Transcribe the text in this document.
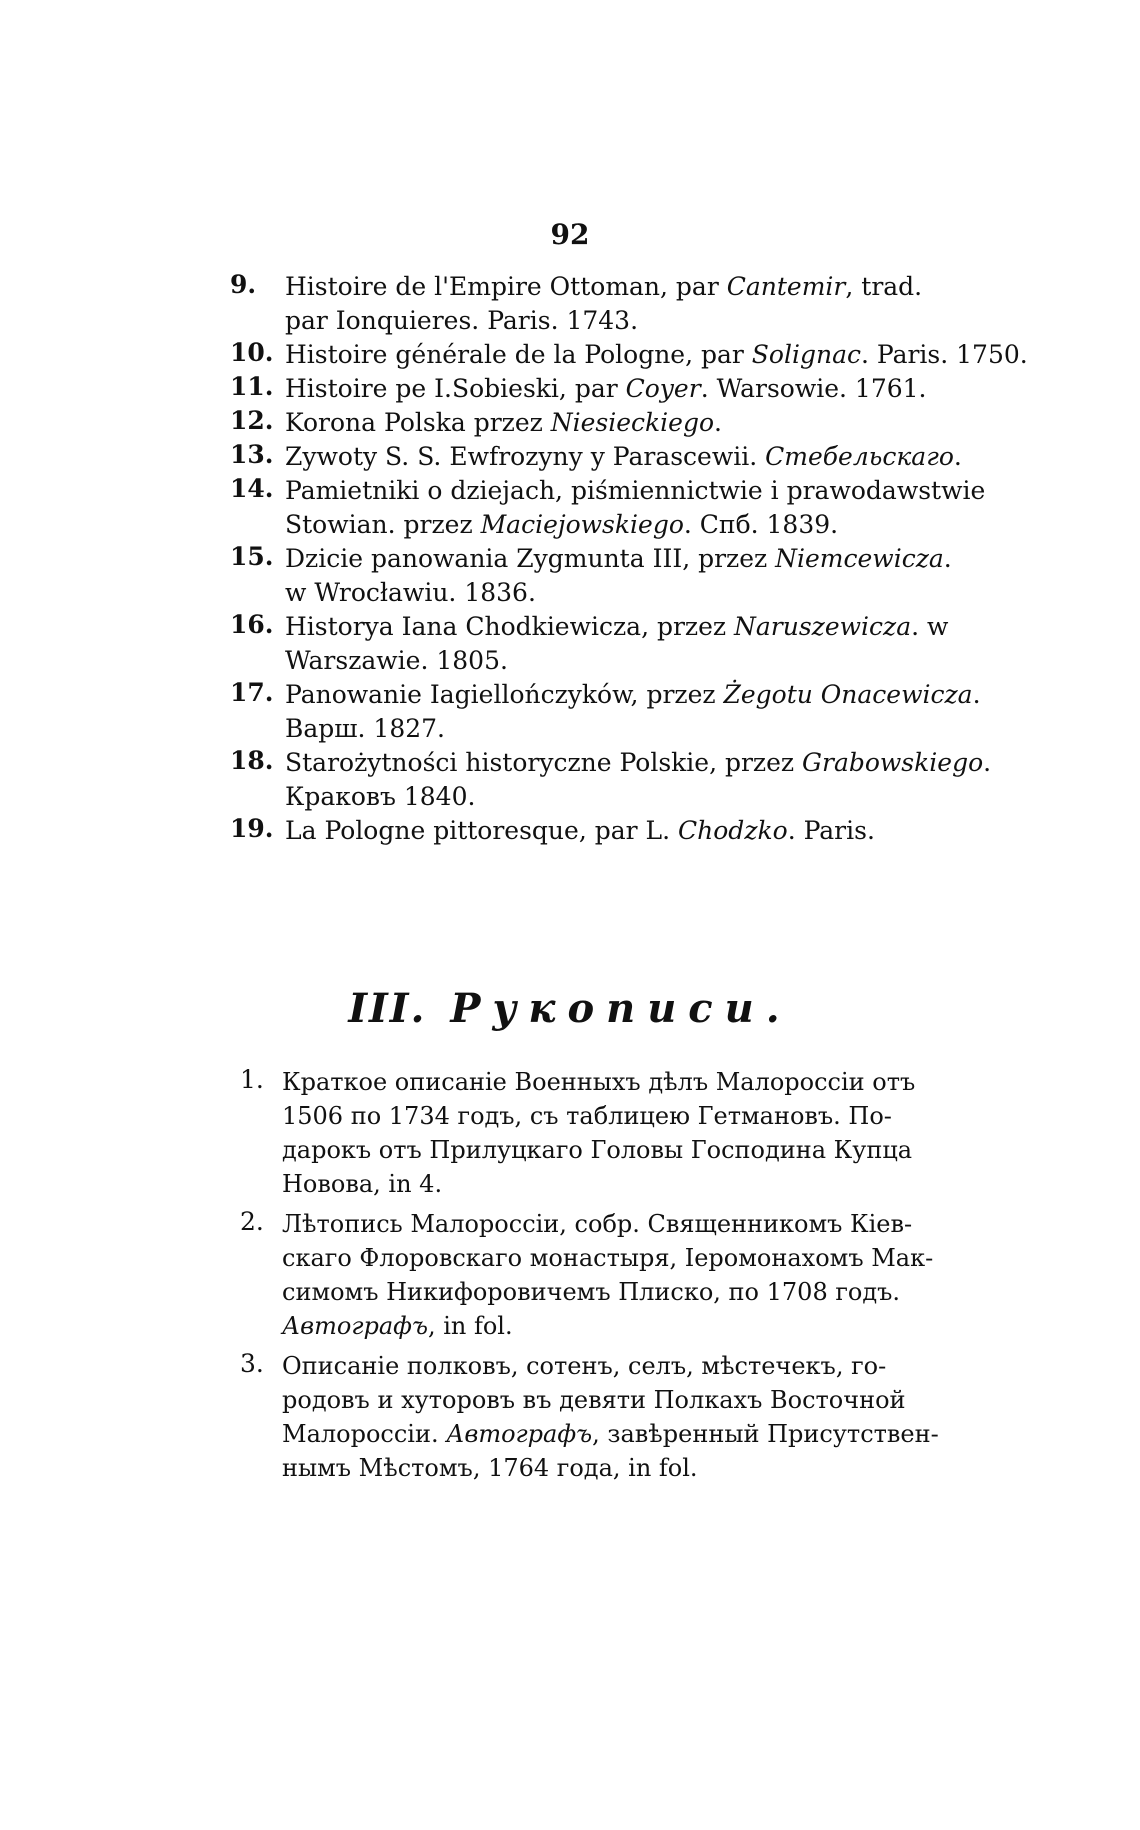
92
9.	Histoire de l'Empire Ottoman, par Cantemir, trad.
par Ionquieres. Paris. 1743.
10. Histoire générale de la Pologne, par Solignac. Paris. 1750.
11. Histoire pe I.Sobieski, par Coyer. Warsowie. 1761.
12. Korona Polska przez Niesieckiego.
13. Zywoty S. S. Ewfrozyny y Parascewii. Стебельскаго.
14. Pamietniki o dziejach, piśmiennictwie i prawodawstwie
Stowian. przez Maciejowskiego. Спб. 1839.
15. Dzicie panowania Zygmunta III, przez Niemcewicza.
w Wrocławiu. 1836.
16. Historya Iana Chodkiewicza, przez Naruszewicza. w
Warszawie. 1805.
17. Panowanie Iagiellończyków, przez Żegotu Onacewicza.
Варш. 1827.
18. Starożytności historyczne Polskie, przez Grabowskiego.
Краковъ 1840.
19. La Pologne pittoresque, par L. Chodzko. Paris.
III. Рукописи.
1. Краткое описаніе Военныхъ дѣлъ Малороссіи отъ
1506 по 1734 годъ, съ таблицею Гетмановъ. По-
дарокъ отъ Прилуцкаго Головы Господина Купца
Новова, in 4.
2. Лѣтопись Малороссіи, собр. Священникомъ Кіев-
скаго Флоровскаго монастыря, Іеромонахомъ Мак-
симомъ Никифоровичемъ Плиско, по 1708 годъ.
Автографъ, in fol.
3. Описаніе полковъ, сотенъ, селъ, мѣстечекъ, го-
родовъ и хуторовъ въ девяти Полкахъ Восточной
Малороссіи. Автографъ, завѣренный Присутствен-
нымъ Мѣстомъ, 1764 года, in fol.
